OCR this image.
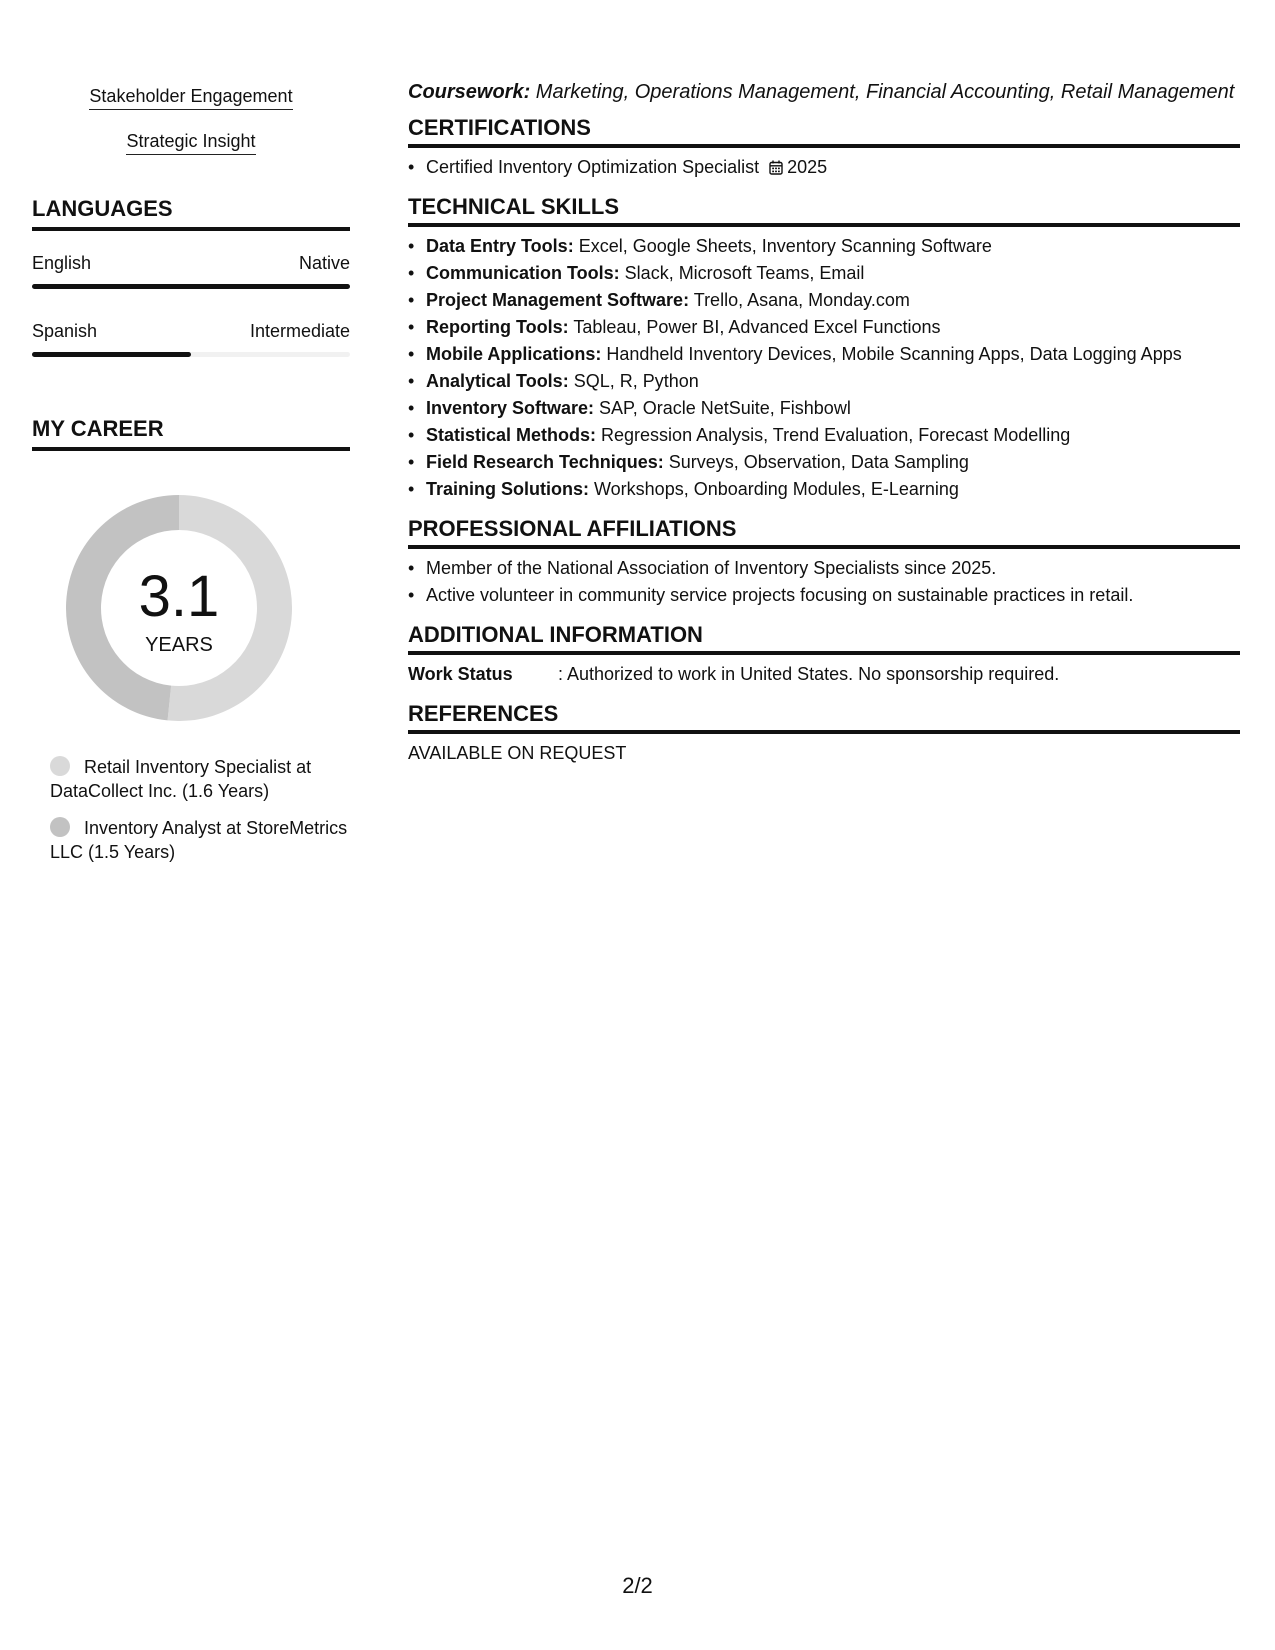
Stakeholder Engagement
Strategic Insight
LANGUAGES
English	Native
Spanish	Intermediate
MY CAREER
3.1
YEARS
Retail Inventory Specialist at DataCollect Inc. (1.6 Years)
Inventory Analyst at StoreMetrics LLC (1.5 Years)
Coursework: Marketing, Operations Management, Financial Accounting, Retail Management
CERTIFICATIONS
• Certified Inventory Optimization Specialist 2025
TECHNICAL SKILLS
• Data Entry Tools: Excel, Google Sheets, Inventory Scanning Software
• Communication Tools: Slack, Microsoft Teams, Email
• Project Management Software: Trello, Asana, Monday.com
• Reporting Tools: Tableau, Power BI, Advanced Excel Functions
• Mobile Applications: Handheld Inventory Devices, Mobile Scanning Apps, Data Logging Apps
• Analytical Tools: SQL, R, Python
• Inventory Software: SAP, Oracle NetSuite, Fishbowl
• Statistical Methods: Regression Analysis, Trend Evaluation, Forecast Modelling
• Field Research Techniques: Surveys, Observation, Data Sampling
• Training Solutions: Workshops, Onboarding Modules, E-Learning
PROFESSIONAL AFFILIATIONS
• Member of the National Association of Inventory Specialists since 2025.
• Active volunteer in community service projects focusing on sustainable practices in retail.
ADDITIONAL INFORMATION
Work Status	: Authorized to work in United States. No sponsorship required.
REFERENCES
AVAILABLE ON REQUEST
2/2
